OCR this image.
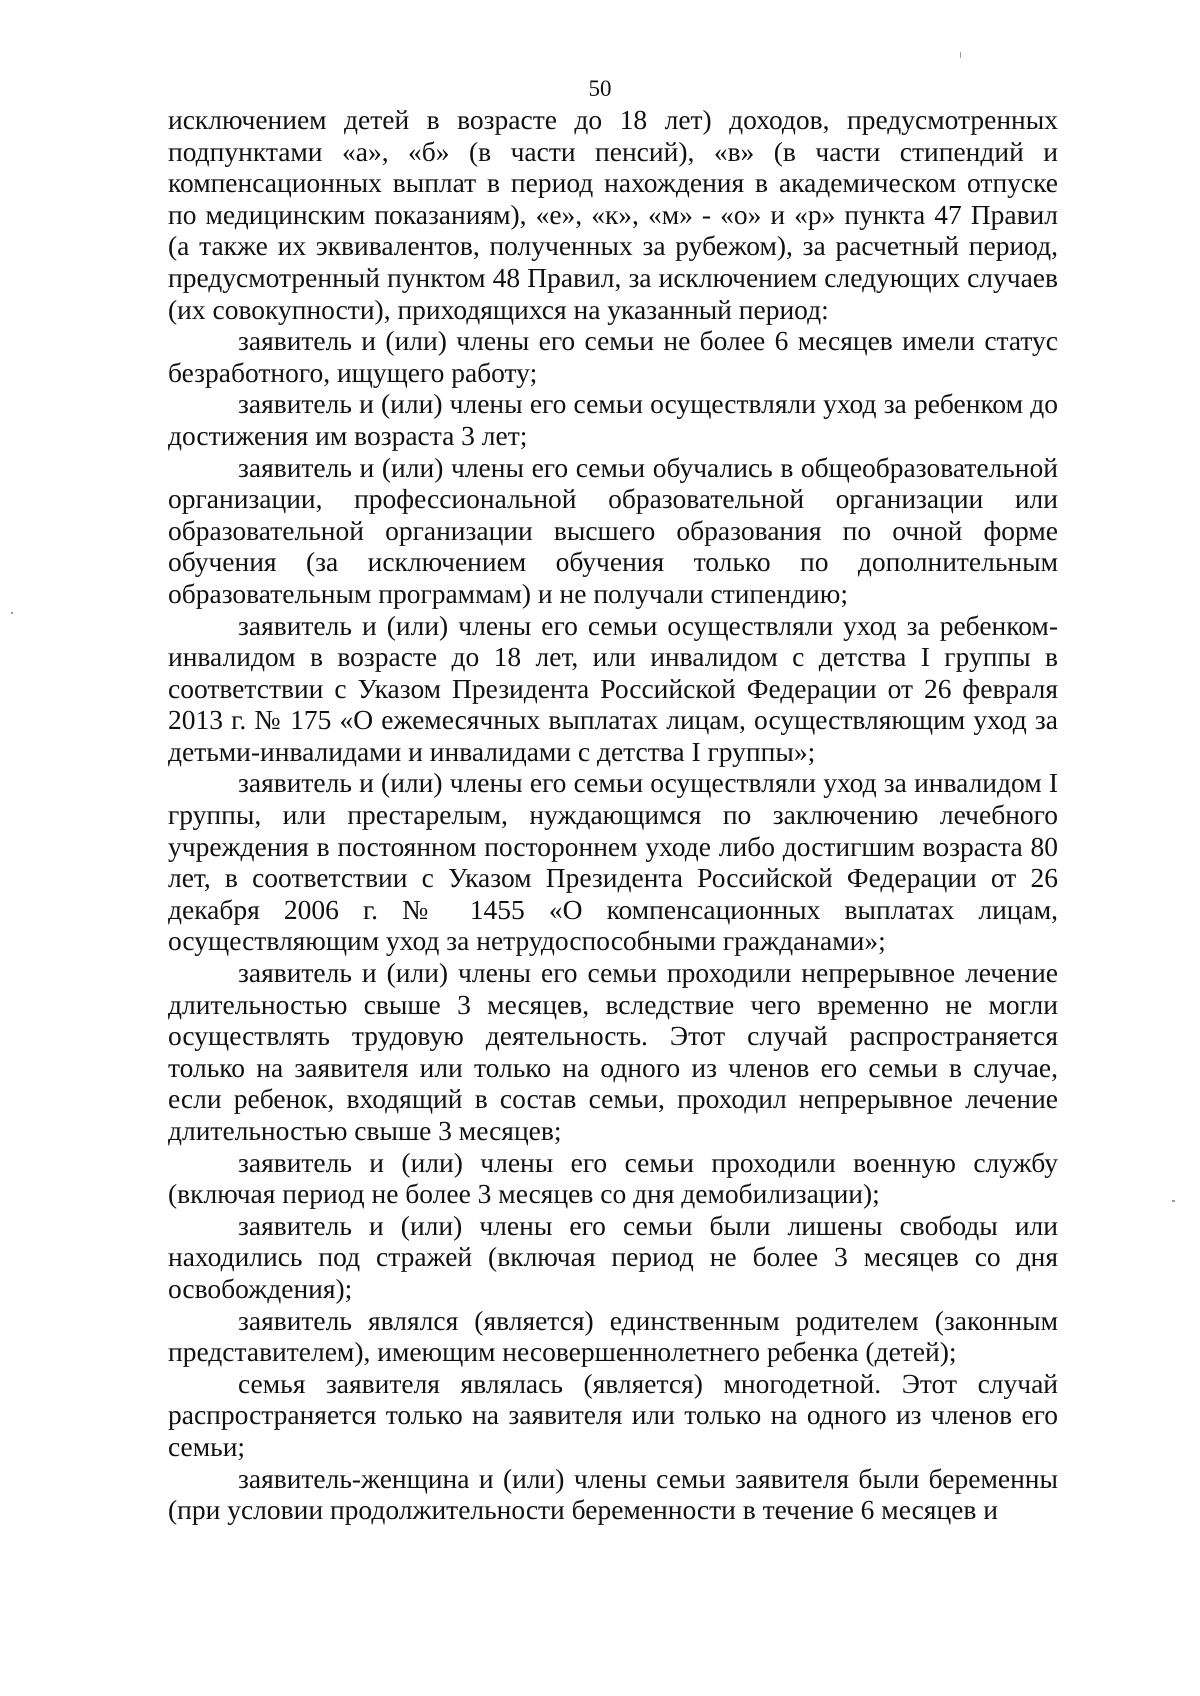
50

исключением детей в возрасте до 18 лет) доходов, предусмотренных подпунктами «а», «б» (в части пенсий), «в» (в части стипендий и компенсационных выплат в период нахождения в академическом отпуске по медицинским показаниям), «е», «к», «м» - «о» и «р» пункта 47 Правил (а также их эквивалентов, полученных за рубежом), за расчетный период, предусмотренный пунктом 48 Правил, за исключением следующих случаев (их совокупности), приходящихся на указанный период:

заявитель и (или) члены его семьи не более 6 месяцев имели статус безработного, ищущего работу;

заявитель и (или) члены его семьи осуществляли уход за ребенком до достижения им возраста 3 лет;

заявитель и (или) члены его семьи обучались в общеобразовательной организации, профессиональной образовательной организации или образовательной организации высшего образования по очной форме обучения (за исключением обучения только по дополнительным образовательным программам) и не получали стипендию;

заявитель и (или) члены его семьи осуществляли уход за ребенком-инвалидом в возрасте до 18 лет, или инвалидом с детства I группы в соответствии с Указом Президента Российской Федерации от 26 февраля 2013 г. № 175 «О ежемесячных выплатах лицам, осуществляющим уход за детьми-инвалидами и инвалидами с детства I группы»;

заявитель и (или) члены его семьи осуществляли уход за инвалидом I группы, или престарелым, нуждающимся по заключению лечебного учреждения в постоянном постороннем уходе либо достигшим возраста 80 лет, в соответствии с Указом Президента Российской Федерации от 26 декабря 2006 г. № 1455 «О компенсационных выплатах лицам, осуществляющим уход за нетрудоспособными гражданами»;

заявитель и (или) члены его семьи проходили непрерывное лечение длительностью свыше 3 месяцев, вследствие чего временно не могли осуществлять трудовую деятельность. Этот случай распространяется только на заявителя или только на одного из членов его семьи в случае, если ребенок, входящий в состав семьи, проходил непрерывное лечение длительностью свыше 3 месяцев;

заявитель и (или) члены его семьи проходили военную службу (включая период не более 3 месяцев со дня демобилизации);

заявитель и (или) члены его семьи были лишены свободы или находились под стражей (включая период не более 3 месяцев со дня освобождения);

заявитель являлся (является) единственным родителем (законным представителем), имеющим несовершеннолетнего ребенка (детей);

семья заявителя являлась (является) многодетной. Этот случай распространяется только на заявителя или только на одного из членов его семьи;

заявитель-женщина и (или) члены семьи заявителя были беременны (при условии продолжительности беременности в течение 6 месяцев и
